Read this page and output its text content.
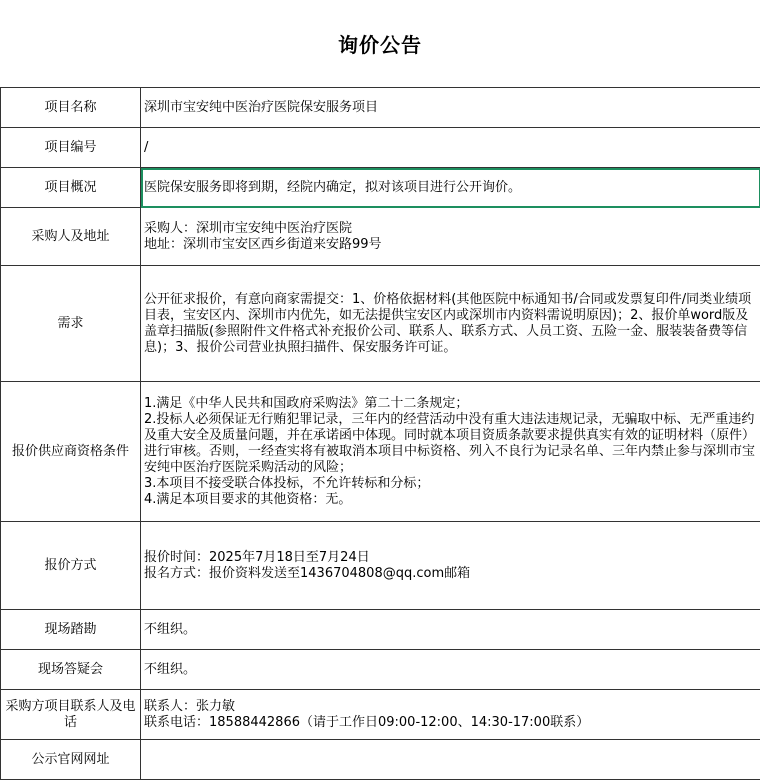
询价公告
项目名称	深圳市宝安纯中医治疗医院保安服务项目

项目编号	/

项目概况	医院保安服务即将到期，经院内确定，拟对该项目进行公开询价。

采购人及地址	采购人：深圳市宝安纯中医治疗医院
地址：深圳市宝安区西乡街道来安路99号

需求	公开征求报价，有意向商家需提交：1、价格依据材料(其他医院中标通知书/合同或发票复印件/同类业绩项目表，宝安区内、深圳市内优先，如无法提供宝安区内或深圳市内资料需说明原因)；2、报价单word版及盖章扫描版(参照附件文件格式补充报价公司、联系人、联系方式、人员工资、五险一金、服装装备费等信息)；3、报价公司营业执照扫描件、保安服务许可证。

报价供应商资格条件	1.满足《中华人民共和国政府采购法》第二十二条规定；
2.投标人必须保证无行贿犯罪记录，三年内的经营活动中没有重大违法违规记录，无骗取中标、无严重违约及重大安全及质量问题，并在承诺函中体现。同时就本项目资质条款要求提供真实有效的证明材料（原件）进行审核。否则，一经查实将有被取消本项目中标资格、列入不良行为记录名单、三年内禁止参与深圳市宝安纯中医治疗医院采购活动的风险；
3.本项目不接受联合体投标，不允许转标和分标；
4.满足本项目要求的其他资格：无。

报价方式	报价时间：2025年7月18日至7月24日
报名方式：报价资料发送至1436704808@qq.com邮箱

现场踏勘	不组织。

现场答疑会	不组织。

采购方项目联系人及电话	联系人：张力敏
联系电话：18588442866（请于工作日09:00-12:00、14:30-17:00联系）

公示官网网址	
